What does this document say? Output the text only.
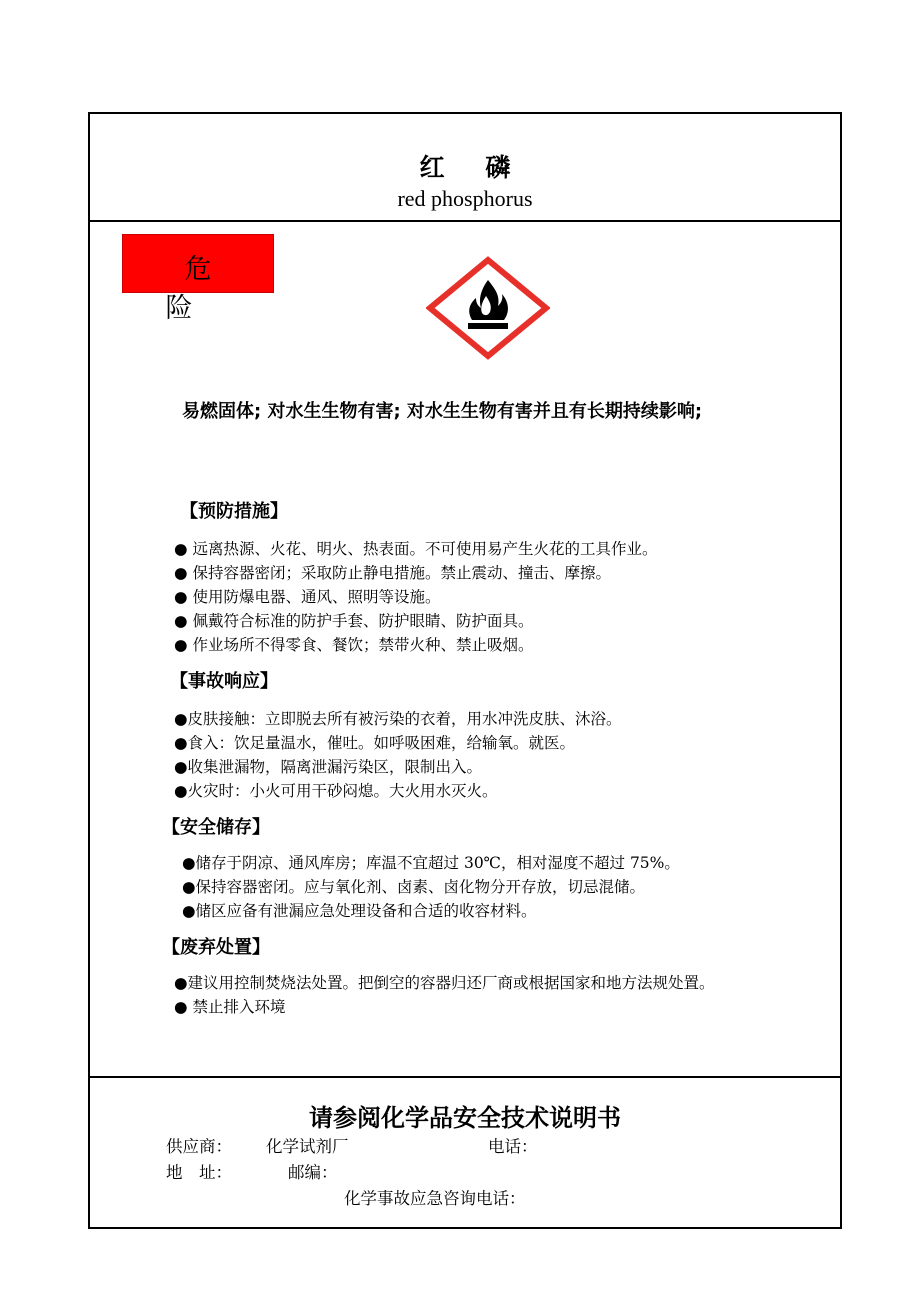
红 磷
red phosphorus
危 险
易燃固体; 对水生生物有害; 对水生生物有害并且有长期持续影响;
【预防措施】
● 远离热源、火花、明火、热表面。不可使用易产生火花的工具作业。
● 保持容器密闭；采取防止静电措施。禁止震动、撞击、摩擦。
● 使用防爆电器、通风、照明等设施。
● 佩戴符合标准的防护手套、防护眼睛、防护面具。
● 作业场所不得零食、餐饮；禁带火种、禁止吸烟。
【事故响应】
●皮肤接触：立即脱去所有被污染的衣着，用水冲洗皮肤、沐浴。
●食入：饮足量温水，催吐。如呼吸困难，给输氧。就医。
●收集泄漏物，隔离泄漏污染区，限制出入。
●火灾时：小火可用干砂闷熄。大火用水灭火。
【安全储存】
●储存于阴凉、通风库房；库温不宜超过 30℃，相对湿度不超过 75%。
●保持容器密闭。应与氧化剂、卤素、卤化物分开存放，切忌混储。
●储区应备有泄漏应急处理设备和合适的收容材料。
【废弃处置】
●建议用控制焚烧法处置。把倒空的容器归还厂商或根据国家和地方法规处置。
● 禁止排入环境
请参阅化学品安全技术说明书
供应商： 化学试剂厂	电话：
地　址：	邮编：
化学事故应急咨询电话：
